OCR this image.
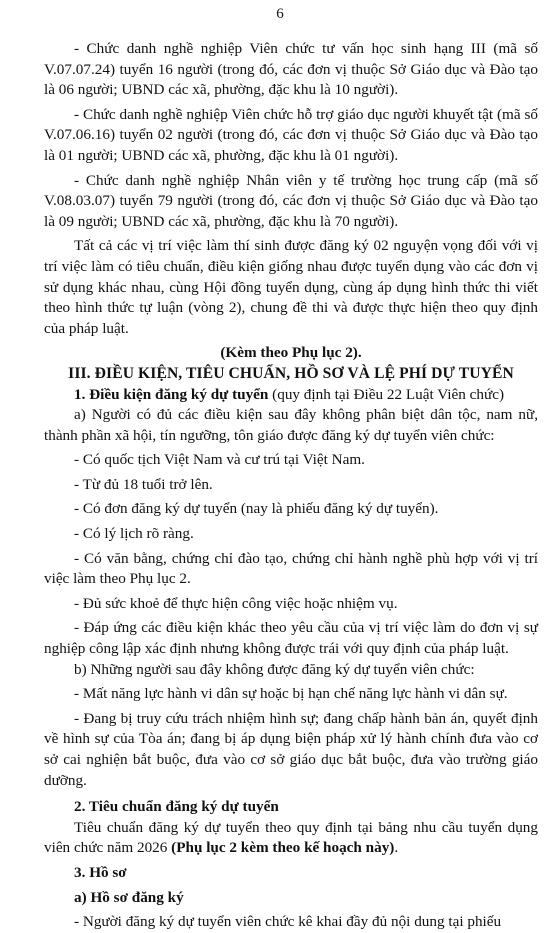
6

- Chức danh nghề nghiệp Viên chức tư vấn học sinh hạng III (mã số V.07.07.24) tuyển 16 người (trong đó, các đơn vị thuộc Sở Giáo dục và Đào tạo là 06 người; UBND các xã, phường, đặc khu là 10 người).

- Chức danh nghề nghiệp Viên chức hỗ trợ giáo dục người khuyết tật (mã số V.07.06.16) tuyển 02 người (trong đó, các đơn vị thuộc Sở Giáo dục và Đào tạo là 01 người; UBND các xã, phường, đặc khu là 01 người).

- Chức danh nghề nghiệp Nhân viên y tế trường học trung cấp (mã số V.08.03.07) tuyển 79 người (trong đó, các đơn vị thuộc Sở Giáo dục và Đào tạo là 09 người; UBND các xã, phường, đặc khu là 70 người).

Tất cả các vị trí việc làm thí sinh được đăng ký 02 nguyện vọng đối với vị trí việc làm có tiêu chuẩn, điều kiện giống nhau được tuyển dụng vào các đơn vị sử dụng khác nhau, cùng Hội đồng tuyển dụng, cùng áp dụng hình thức thi viết theo hình thức tự luận (vòng 2), chung đề thi và được thực hiện theo quy định của pháp luật.

(Kèm theo Phụ lục 2).

III. ĐIỀU KIỆN, TIÊU CHUẨN, HỒ SƠ VÀ LỆ PHÍ DỰ TUYỂN

1. Điều kiện đăng ký dự tuyển (quy định tại Điều 22 Luật Viên chức)

a) Người có đủ các điều kiện sau đây không phân biệt dân tộc, nam nữ, thành phần xã hội, tín ngưỡng, tôn giáo được đăng ký dự tuyển viên chức:

- Có quốc tịch Việt Nam và cư trú tại Việt Nam.

- Từ đủ 18 tuổi trở lên.

- Có đơn đăng ký dự tuyển (nay là phiếu đăng ký dự tuyển).

- Có lý lịch rõ ràng.

- Có văn bằng, chứng chỉ đào tạo, chứng chỉ hành nghề phù hợp với vị trí việc làm theo Phụ lục 2.

- Đủ sức khoẻ để thực hiện công việc hoặc nhiệm vụ.

- Đáp ứng các điều kiện khác theo yêu cầu của vị trí việc làm do đơn vị sự nghiệp công lập xác định nhưng không được trái với quy định của pháp luật.

b) Những người sau đây không được đăng ký dự tuyển viên chức:

- Mất năng lực hành vi dân sự hoặc bị hạn chế năng lực hành vi dân sự.

- Đang bị truy cứu trách nhiệm hình sự; đang chấp hành bản án, quyết định về hình sự của Tòa án; đang bị áp dụng biện pháp xử lý hành chính đưa vào cơ sở cai nghiện bắt buộc, đưa vào cơ sở giáo dục bắt buộc, đưa vào trường giáo dưỡng.

2. Tiêu chuẩn đăng ký dự tuyển

Tiêu chuẩn đăng ký dự tuyển theo quy định tại bảng nhu cầu tuyển dụng viên chức năm 2026 (Phụ lục 2 kèm theo kế hoạch này).

3. Hồ sơ

a) Hồ sơ đăng ký

- Người đăng ký dự tuyển viên chức kê khai đầy đủ nội dung tại phiếu
